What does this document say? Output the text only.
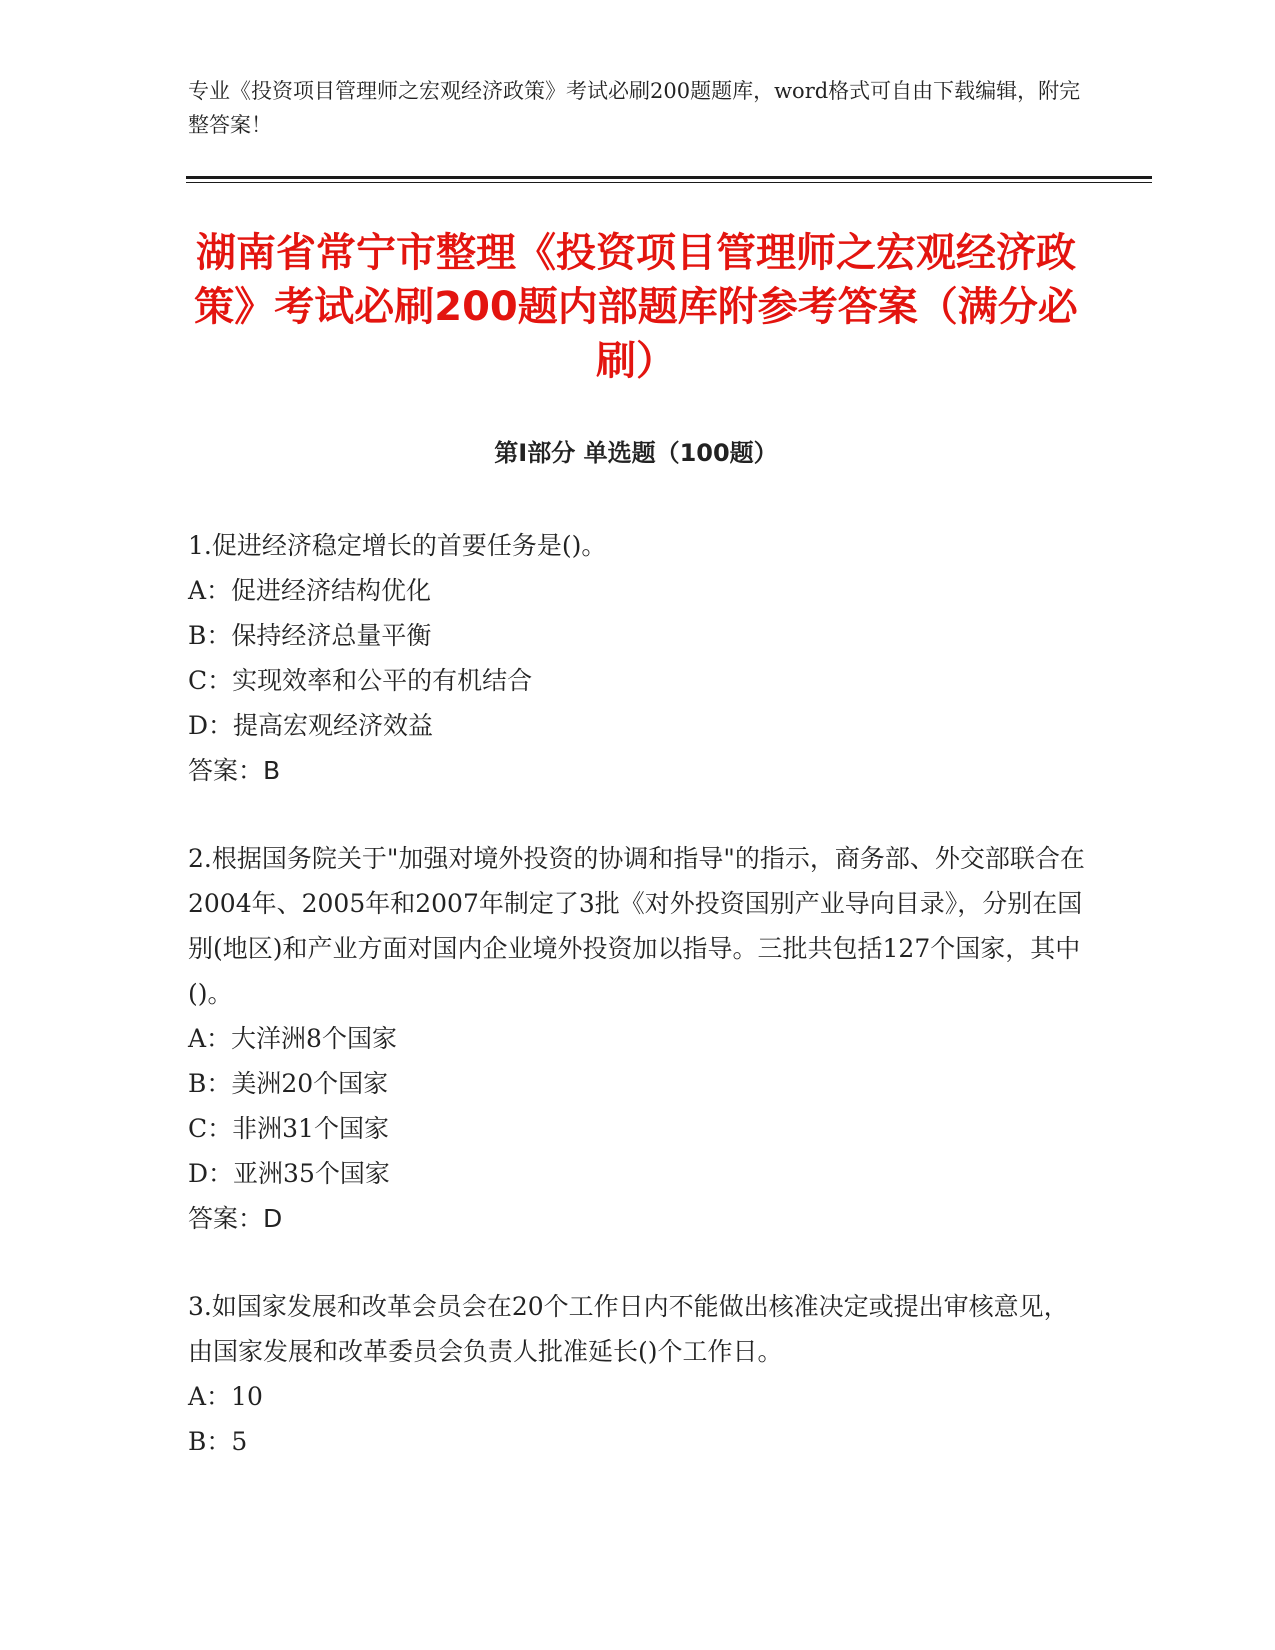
专业《投资项目管理师之宏观经济政策》考试必刷200题题库，word格式可自由下载编辑，附完整答案！

湖南省常宁市整理《投资项目管理师之宏观经济政策》考试必刷200题内部题库附参考答案（满分必刷）
第I部分 单选题（100题）

1.促进经济稳定增长的首要任务是()。

A：促进经济结构优化

B：保持经济总量平衡

C：实现效率和公平的有机结合

D：提高宏观经济效益

答案：B

2.根据国务院关于"加强对境外投资的协调和指导"的指示，商务部、外交部联合在2004年、2005年和2007年制定了3批《对外投资国别产业导向目录》，分别在国别(地区)和产业方面对国内企业境外投资加以指导。三批共包括127个国家，其中()。

A：大洋洲8个国家

B：美洲20个国家

C：非洲31个国家

D：亚洲35个国家

答案：D

3.如国家发展和改革会员会在20个工作日内不能做出核准决定或提出审核意见，由国家发展和改革委员会负责人批准延长()个工作日。

A：10

B：5
